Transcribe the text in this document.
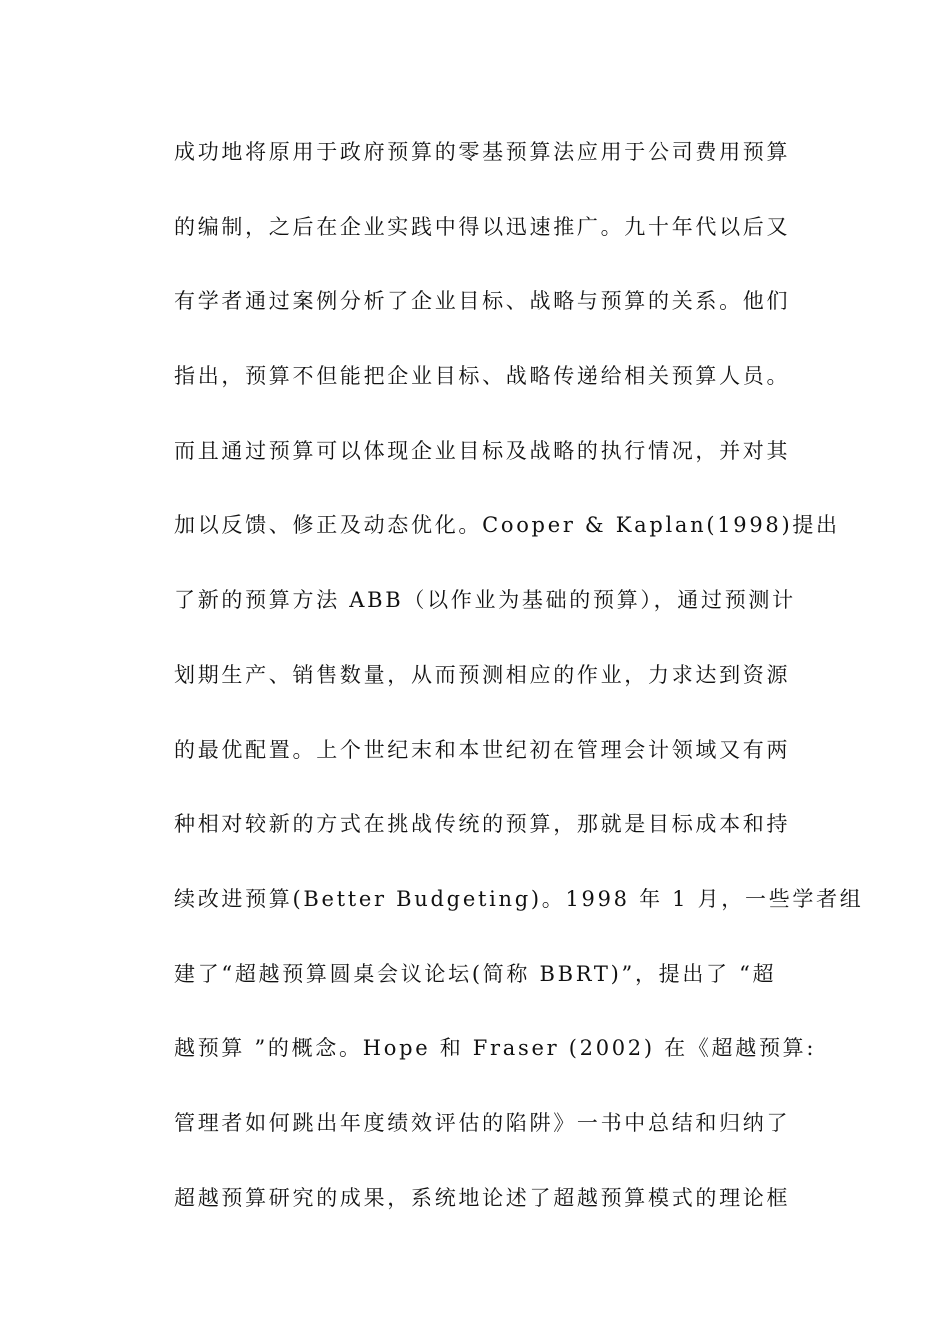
成功地将原用于政府预算的零基预算法应用于公司费用预算
的编制，之后在企业实践中得以迅速推广。九十年代以后又
有学者通过案例分析了企业目标、战略与预算的关系。他们
指出，预算不但能把企业目标、战略传递给相关预算人员。
而且通过预算可以体现企业目标及战略的执行情况，并对其
加以反馈、修正及动态优化。Cooper & Kaplan(1998)提出
了新的预算方法 ABB（以作业为基础的预算），通过预测计
划期生产、销售数量，从而预测相应的作业，力求达到资源
的最优配置。上个世纪末和本世纪初在管理会计领域又有两
种相对较新的方式在挑战传统的预算，那就是目标成本和持
续改进预算(Better Budgeting)。1998 年 1 月，一些学者组
建了“超越预算圆桌会议论坛(简称 BBRT)”，提出了 “超
越预算 ”的概念。Hope 和 Fraser (2002) 在《超越预算:
管理者如何跳出年度绩效评估的陷阱》一书中总结和归纳了
超越预算研究的成果，系统地论述了超越预算模式的理论框
